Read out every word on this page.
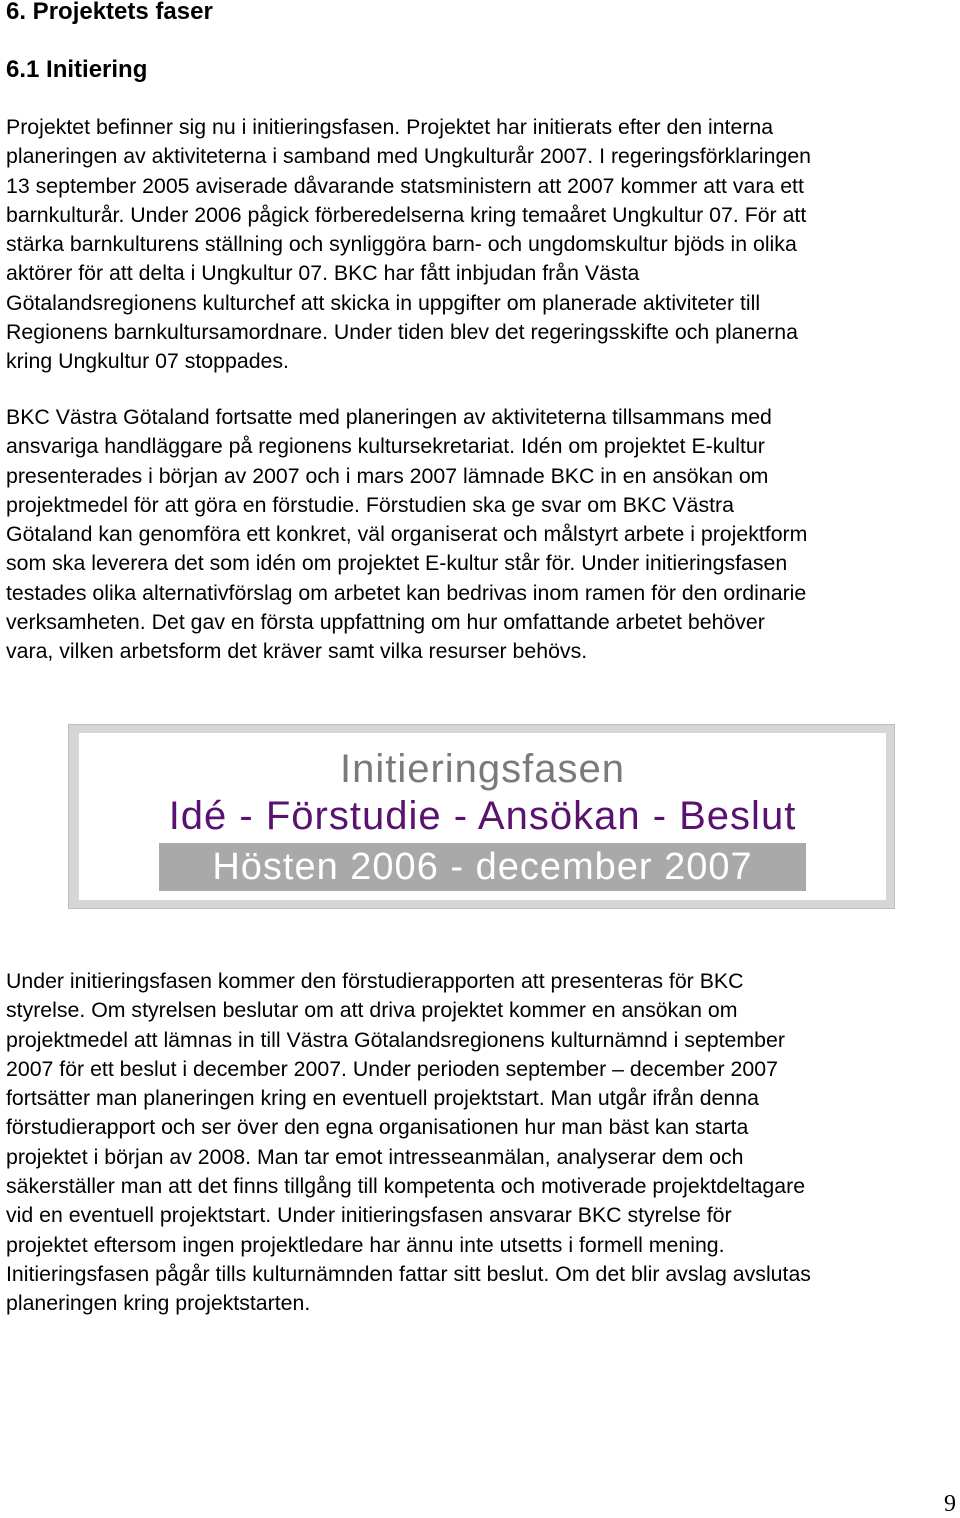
6. Projektets faser
6.1 Initiering
Projektet befinner sig nu i initieringsfasen. Projektet har initierats efter den interna
planeringen av aktiviteterna i samband med Ungkulturår 2007. I regeringsförklaringen
13 september 2005 aviserade dåvarande statsministern att 2007 kommer att vara ett
barnkulturår. Under 2006 pågick förberedelserna kring temaåret Ungkultur 07. För att
stärka barnkulturens ställning och synliggöra barn- och ungdomskultur bjöds in olika
aktörer för att delta i Ungkultur 07. BKC har fått inbjudan från Västa
Götalandsregionens kulturchef att skicka in uppgifter om planerade aktiviteter till
Regionens barnkultursamordnare. Under tiden blev det regeringsskifte och planerna
kring Ungkultur 07 stoppades.
BKC Västra Götaland fortsatte med planeringen av aktiviteterna tillsammans med
ansvariga handläggare på regionens kultursekretariat. Idén om projektet E-kultur
presenterades i början av 2007 och i mars 2007 lämnade BKC in en ansökan om
projektmedel för att göra en förstudie. Förstudien ska ge svar om BKC Västra
Götaland kan genomföra ett konkret, väl organiserat och målstyrt arbete i projektform
som ska leverera det som idén om projektet E-kultur står för. Under initieringsfasen
testades olika alternativförslag om arbetet kan bedrivas inom ramen för den ordinarie
verksamheten. Det gav en första uppfattning om hur omfattande arbetet behöver
vara, vilken arbetsform det kräver samt vilka resurser behövs.
Initieringsfasen
Idé - Förstudie - Ansökan - Beslut
Hösten 2006 - december 2007
Under initieringsfasen kommer den förstudierapporten att presenteras för BKC
styrelse. Om styrelsen beslutar om att driva projektet kommer en ansökan om
projektmedel att lämnas in till Västra Götalandsregionens kulturnämnd i september
2007 för ett beslut i december 2007. Under perioden september – december 2007
fortsätter man planeringen kring en eventuell projektstart. Man utgår ifrån denna
förstudierapport och ser över den egna organisationen hur man bäst kan starta
projektet i början av 2008. Man tar emot intresseanmälan, analyserar dem och
säkerställer man att det finns tillgång till kompetenta och motiverade projektdeltagare
vid en eventuell projektstart. Under initieringsfasen ansvarar BKC styrelse för
projektet eftersom ingen projektledare har ännu inte utsetts i formell mening.
Initieringsfasen pågår tills kulturnämnden fattar sitt beslut. Om det blir avslag avslutas
planeringen kring projektstarten.
9
